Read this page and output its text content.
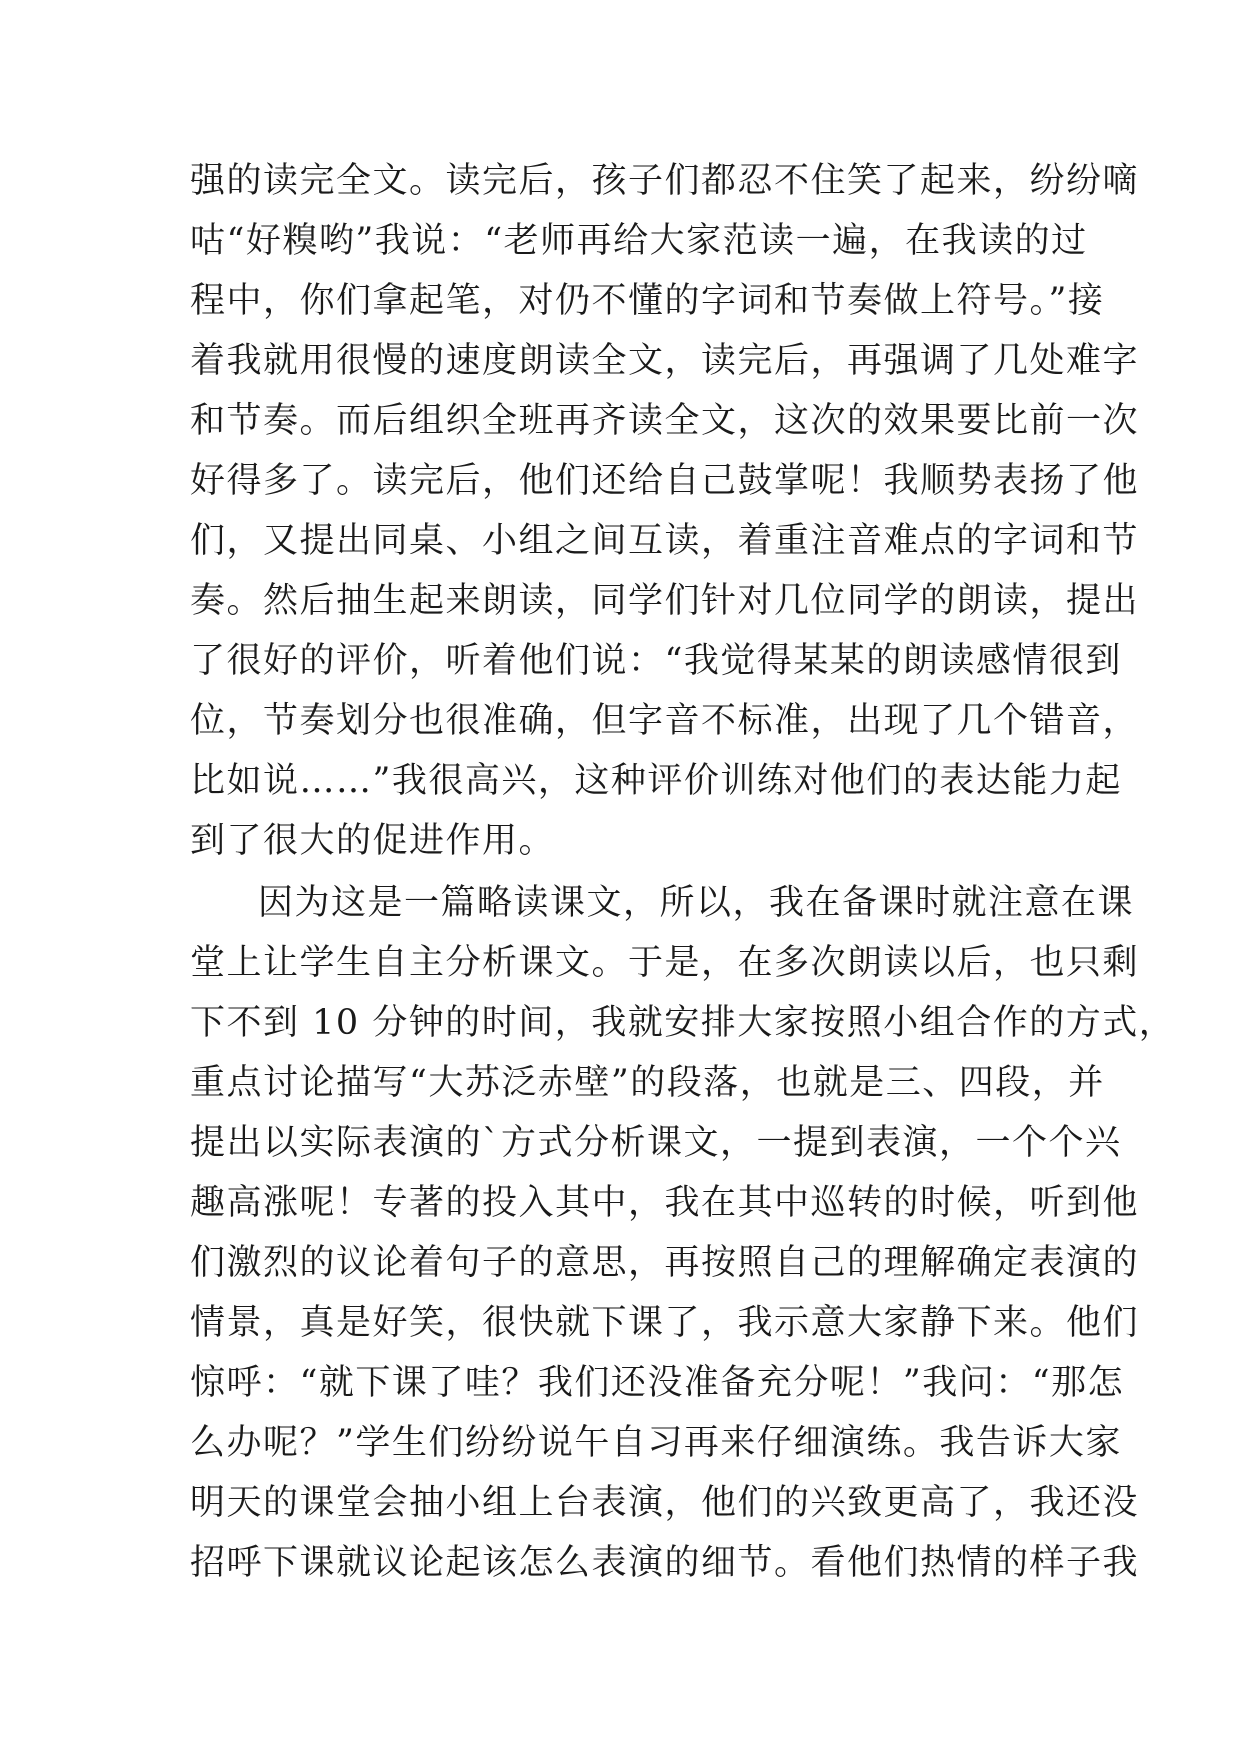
强的读完全文。读完后，孩子们都忍不住笑了起来，纷纷嘀
咕“好糗哟”我说：“老师再给大家范读一遍，在我读的过
程中，你们拿起笔，对仍不懂的字词和节奏做上符号。”接
着我就用很慢的速度朗读全文，读完后，再强调了几处难字
和节奏。而后组织全班再齐读全文，这次的效果要比前一次
好得多了。读完后，他们还给自己鼓掌呢！我顺势表扬了他
们，又提出同桌、小组之间互读，着重注音难点的字词和节
奏。然后抽生起来朗读，同学们针对几位同学的朗读，提出
了很好的评价，听着他们说：“我觉得某某的朗读感情很到
位，节奏划分也很准确，但字音不标准，出现了几个错音，
比如说……”我很高兴，这种评价训练对他们的表达能力起
到了很大的促进作用。
因为这是一篇略读课文，所以，我在备课时就注意在课
堂上让学生自主分析课文。于是，在多次朗读以后，也只剩
下不到 10 分钟的时间，我就安排大家按照小组合作的方式，
重点讨论描写“大苏泛赤壁”的段落，也就是三、四段，并
提出以实际表演的`方式分析课文，一提到表演，一个个兴
趣高涨呢！专著的投入其中，我在其中巡转的时候，听到他
们激烈的议论着句子的意思，再按照自己的理解确定表演的
情景，真是好笑，很快就下课了，我示意大家静下来。他们
惊呼：“就下课了哇？我们还没准备充分呢！”我问：“那怎
么办呢？”学生们纷纷说午自习再来仔细演练。我告诉大家
明天的课堂会抽小组上台表演，他们的兴致更高了，我还没
招呼下课就议论起该怎么表演的细节。看他们热情的样子我
